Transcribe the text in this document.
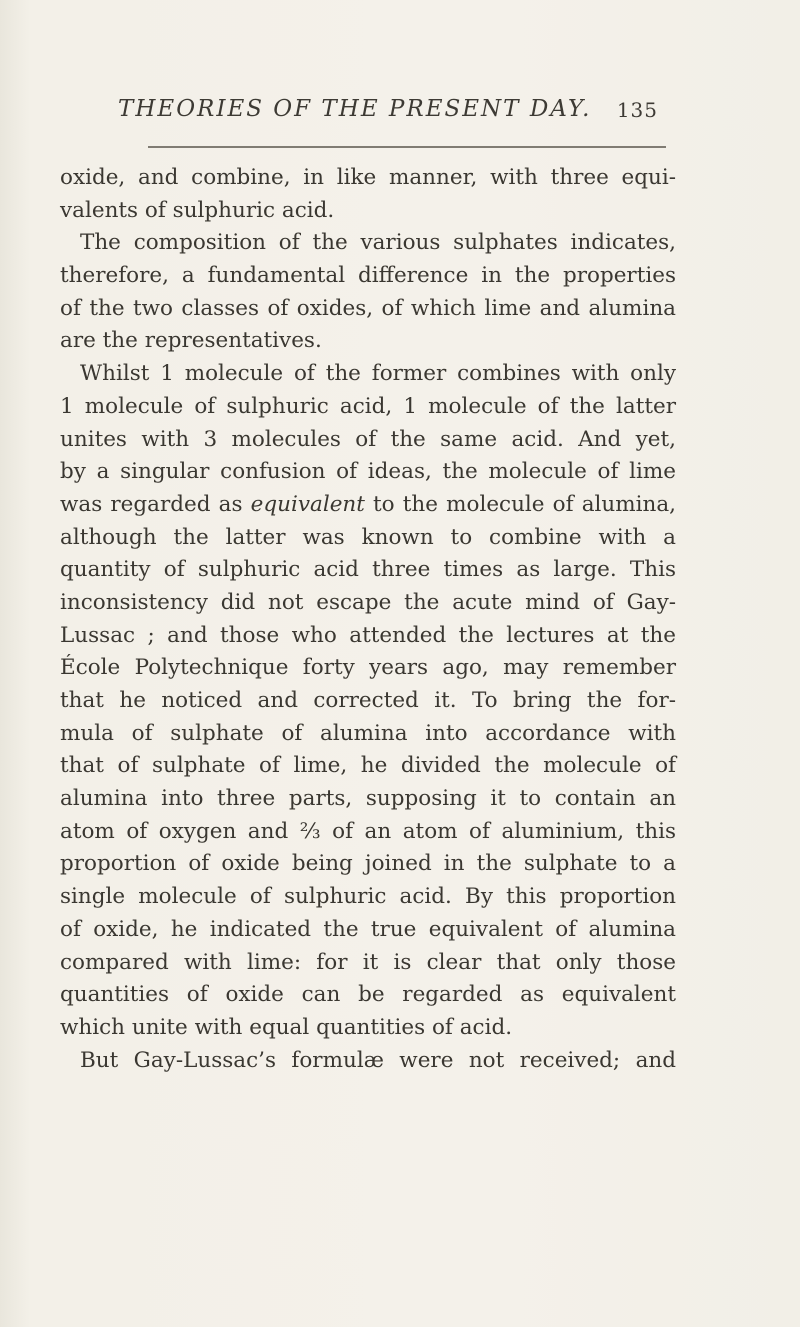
THEORIES OF THE PRESENT DAY. 135
oxide, and combine, in like manner, with three equi-
valents of sulphuric acid.
The composition of the various sulphates indicates,
therefore, a fundamental difference in the properties
of the two classes of oxides, of which lime and alumina
are the representatives.
Whilst 1 molecule of the former combines with only
1 molecule of sulphuric acid, 1 molecule of the latter
unites with 3 molecules of the same acid. And yet,
by a singular confusion of ideas, the molecule of lime
was regarded as equivalent to the molecule of alumina,
although the latter was known to combine with a
quantity of sulphuric acid three times as large. This
inconsistency did not escape the acute mind of Gay-
Lussac ; and those who attended the lectures at the
École Polytechnique forty years ago, may remember
that he noticed and corrected it. To bring the for-
mula of sulphate of alumina into accordance with
that of sulphate of lime, he divided the molecule of
alumina into three parts, supposing it to contain an
atom of oxygen and ⅔ of an atom of aluminium, this
proportion of oxide being joined in the sulphate to a
single molecule of sulphuric acid. By this proportion
of oxide, he indicated the true equivalent of alumina
compared with lime: for it is clear that only those
quantities of oxide can be regarded as equivalent
which unite with equal quantities of acid.
But Gay-Lussac’s formulæ were not received; and
